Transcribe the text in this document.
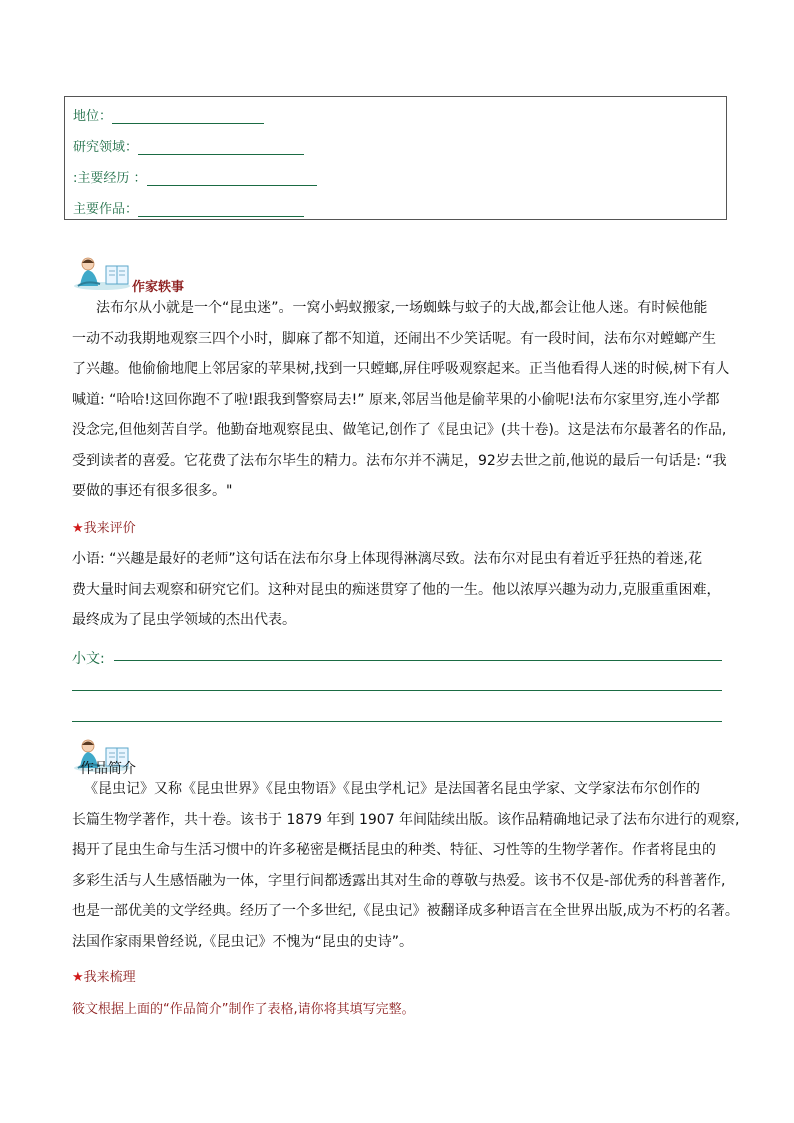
地位：
研究领域：
:主要经历 ：
主要作品：
作家轶事
法布尔从小就是一个“昆虫迷”。一窝小蚂蚁搬家,一场蜘蛛与蚊子的大战,都会让他人迷。有时候他能
一动不动我期地观察三四个小时，脚麻了都不知道，还闹出不少笑话呢。有一段时间，法布尔对螳螂产生
了兴趣。他偷偷地爬上邻居家的苹果树,找到一只螳螂,屏住呼吸观察起来。正当他看得人迷的时候,树下有人
喊道: “哈哈!这回你跑不了啦!跟我到警察局去!” 原来,邻居当他是偷苹果的小偷呢!法布尔家里穷,连小学都
没念完,但他刻苦自学。他勤奋地观察昆虫、做笔记,创作了《昆虫记》(共十卷)。这是法布尔最著名的作品,
受到读者的喜爱。它花费了法布尔毕生的精力。法布尔并不满足，92岁去世之前,他说的最后一句话是: “我
要做的事还有很多很多。"
★我来评价
小语: “兴趣是最好的老师”这句话在法布尔身上体现得淋漓尽致。法布尔对昆虫有着近乎狂热的着迷,花
费大量时间去观察和研究它们。这种对昆虫的痴迷贯穿了他的一生。他以浓厚兴趣为动力,克服重重困难，
最终成为了昆虫学领域的杰出代表。
小文:
作品简介
《昆虫记》又称《昆虫世界》《昆虫物语》《昆虫学札记》是法国著名昆虫学家、文学家法布尔创作的
长篇生物学著作，共十卷。该书于 1879 年到 1907 年间陆续出版。该作品精确地记录了法布尔进行的观察,
揭开了昆虫生命与生活习惯中的许多秘密是概括昆虫的种类、特征、习性等的生物学著作。作者将昆虫的
多彩生活与人生感悟融为一体，字里行间都透露出其对生命的尊敬与热爱。该书不仅是-部优秀的科普著作,
也是一部优美的文学经典。经历了一个多世纪,《昆虫记》被翻译成多种语言在全世界出版,成为不朽的名著。
法国作家雨果曾经说,《昆虫记》不愧为“昆虫的史诗”。
★我来梳理
筱文根据上面的“作品简介”制作了表格,请你将其填写完整。
